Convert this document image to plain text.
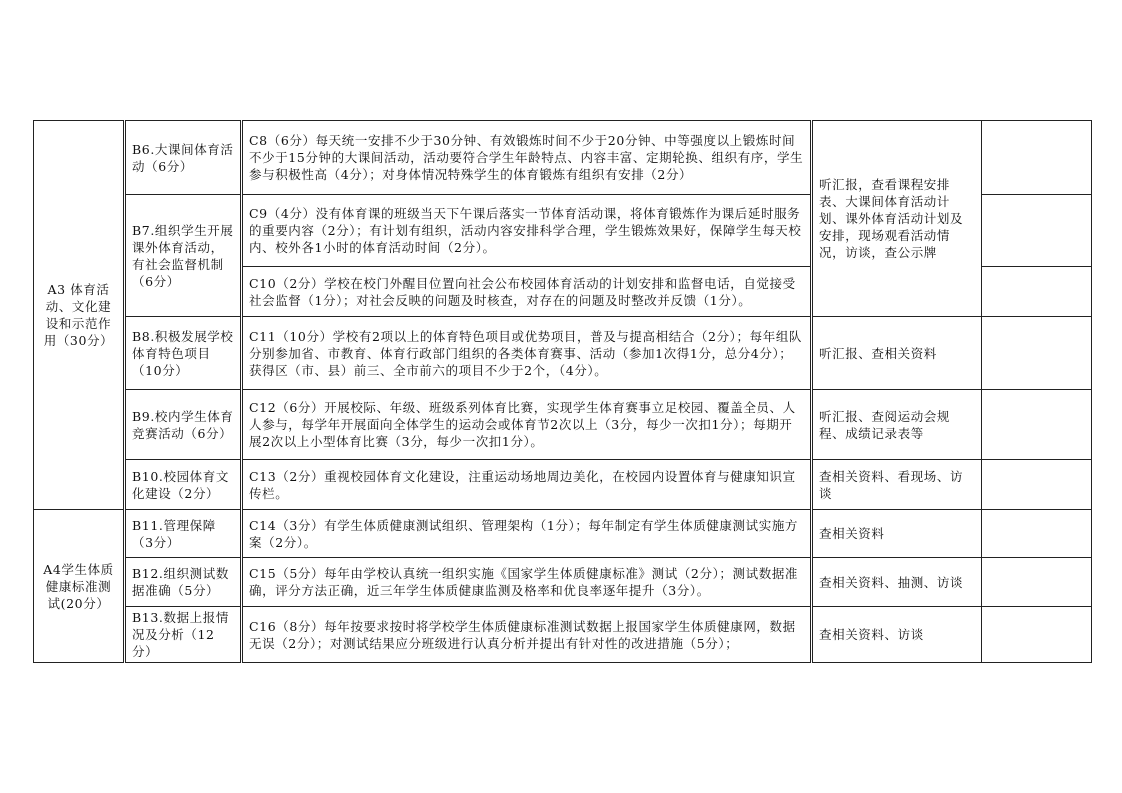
A3 体育活动、文化建设和示范作用（30分）	B6.大课间体育活动（6分）	C8（6分）每天统一安排不少于30分钟、有效锻炼时间不少于20分钟、中等强度以上锻炼时间不少于15分钟的大课间活动，活动要符合学生年龄特点、内容丰富、定期轮换、组织有序，学生参与积极性高（4分）；对身体情况特殊学生的体育锻炼有组织有安排（2分）	听汇报，查看课程安排表、大课间体育活动计划、课外体育活动计划及安排，现场观看活动情况，访谈，查公示牌	
	B7.组织学生开展课外体育活动，有社会监督机制（6分）	C9（4分）没有体育课的班级当天下午课后落实一节体育活动课，将体育锻炼作为课后延时服务的重要内容（2分）；有计划有组织，活动内容安排科学合理，学生锻炼效果好，保障学生每天校内、校外各1小时的体育活动时间（2分）。		
		C10（2分）学校在校门外醒目位置向社会公布校园体育活动的计划安排和监督电话，自觉接受社会监督（1分）；对社会反映的问题及时核查，对存在的问题及时整改并反馈（1分）。		
	B8.积极发展学校体育特色项目（10分）	C11（10分）学校有2项以上的体育特色项目或优势项目，普及与提高相结合（2分）；每年组队分别参加省、市教育、体育行政部门组织的各类体育赛事、活动（参加1次得1分，总分4分）；获得区（市、县）前三、全市前六的项目不少于2个，（4分）。	听汇报、查相关资料	
	B9.校内学生体育竞赛活动（6分）	C12（6分）开展校际、年级、班级系列体育比赛，实现学生体育赛事立足校园、覆盖全员、人人参与，每学年开展面向全体学生的运动会或体育节2次以上（3分，每少一次扣1分）；每期开展2次以上小型体育比赛（3分，每少一次扣1分）。	听汇报、查阅运动会规程、成绩记录表等	
	B10.校园体育文化建设（2分）	C13（2分）重视校园体育文化建设，注重运动场地周边美化，在校园内设置体育与健康知识宣传栏。	查相关资料、看现场、访谈	
A4学生体质健康标准测试(20分）	B11.管理保障（3分）	C14（3分）有学生体质健康测试组织、管理架构（1分）；每年制定有学生体质健康测试实施方案（2分）。	查相关资料	
	B12.组织测试数据准确（5分）	C15（5分）每年由学校认真统一组织实施《国家学生体质健康标准》测试（2分）；测试数据准确，评分方法正确，近三年学生体质健康监测及格率和优良率逐年提升（3分）。	查相关资料、抽测、访谈	
	B13.数据上报情况及分析（12分）	C16（8分）每年按要求按时将学校学生体质健康标准测试数据上报国家学生体质健康网，数据无误（2分）；对测试结果应分班级进行认真分析并提出有针对性的改进措施（5分）；	查相关资料、访谈	
